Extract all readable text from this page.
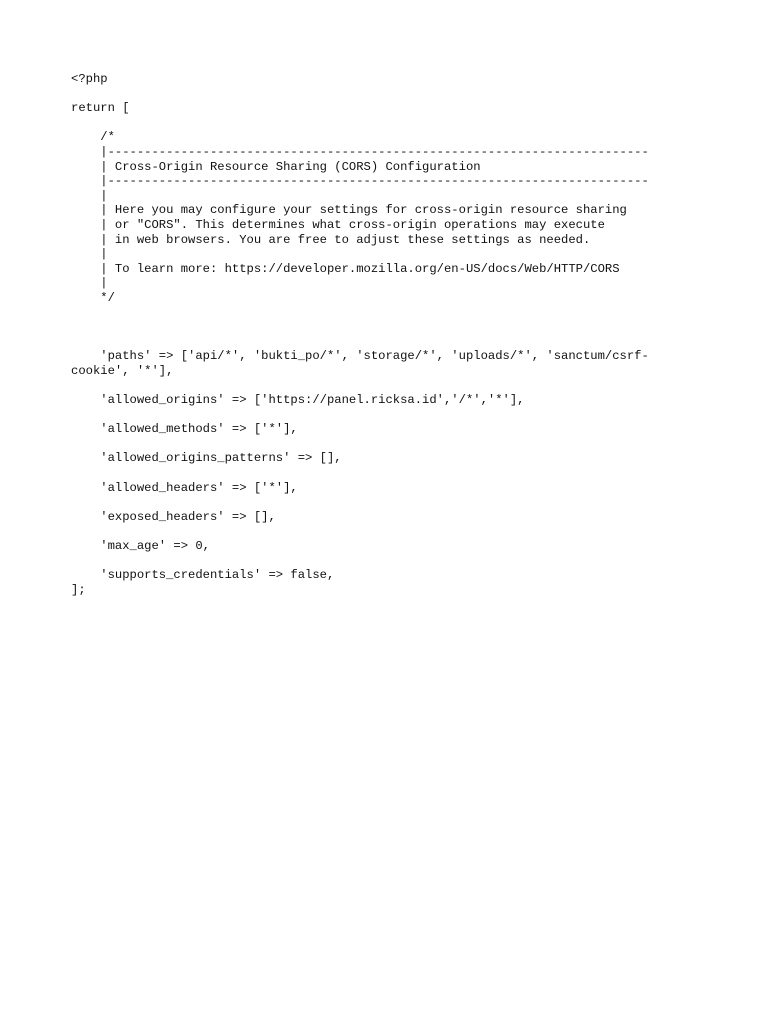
<?php
return [
/*
|--------------------------------------------------------------------------
| Cross-Origin Resource Sharing (CORS) Configuration
|--------------------------------------------------------------------------
|
| Here you may configure your settings for cross-origin resource sharing
| or "CORS". This determines what cross-origin operations may execute
| in web browsers. You are free to adjust these settings as needed.
|
| To learn more: https://developer.mozilla.org/en-US/docs/Web/HTTP/CORS
|
*/
'paths' => ['api/*', 'bukti_po/*', 'storage/*', 'uploads/*', 'sanctum/csrf-
cookie', '*'],
'allowed_origins' => ['https://panel.ricksa.id','/*','*'],
'allowed_methods' => ['*'],
'allowed_origins_patterns' => [],
'allowed_headers' => ['*'],
'exposed_headers' => [],
'max_age' => 0,
'supports_credentials' => false,
];
